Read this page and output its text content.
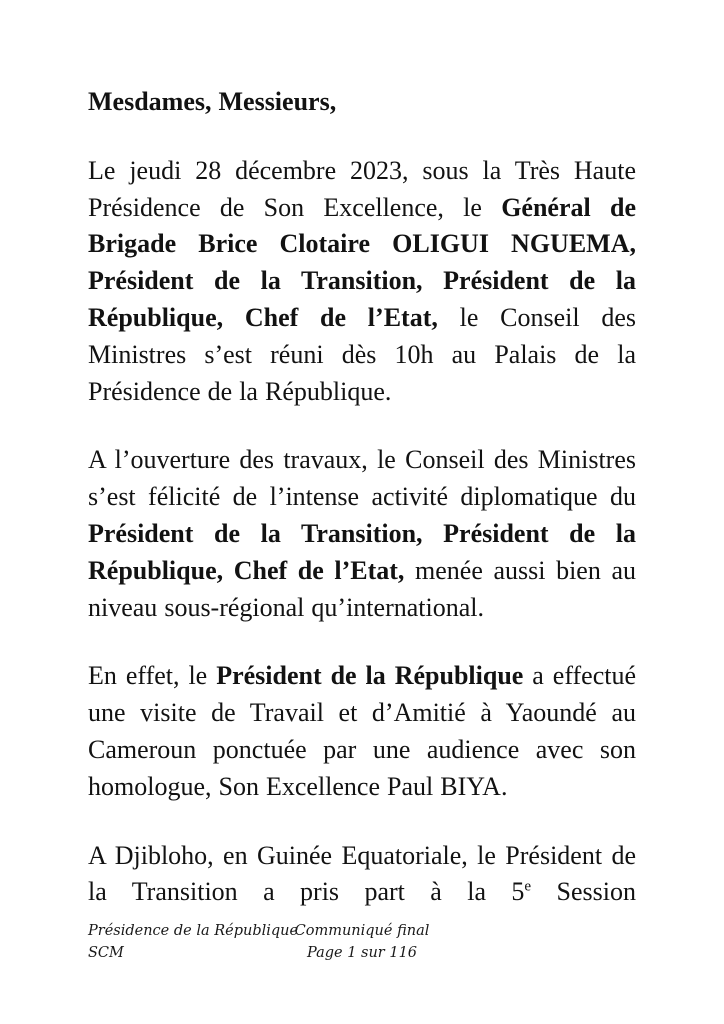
Mesdames, Messieurs,

Le jeudi 28 décembre 2023, sous la Très Haute Présidence de Son Excellence, le Général de Brigade Brice Clotaire OLIGUI NGUEMA, Président de la Transition, Président de la République, Chef de l’Etat, le Conseil des Ministres s’est réuni dès 10h au Palais de la Présidence de la République.

A l’ouverture des travaux, le Conseil des Ministres s’est félicité de l’intense activité diplomatique du Président de la Transition, Président de la République, Chef de l’Etat, menée aussi bien au niveau sous-régional qu’international.

En effet, le Président de la République a effectué une visite de Travail et d’Amitié à Yaoundé au Cameroun ponctuée par une audience avec son homologue, Son Excellence Paul BIYA.

A Djibloho, en Guinée Equatoriale, le Président de la Transition a pris part à la 5e Session

Présidence de la République
SCM
Communiqué final
Page 1 sur 116
